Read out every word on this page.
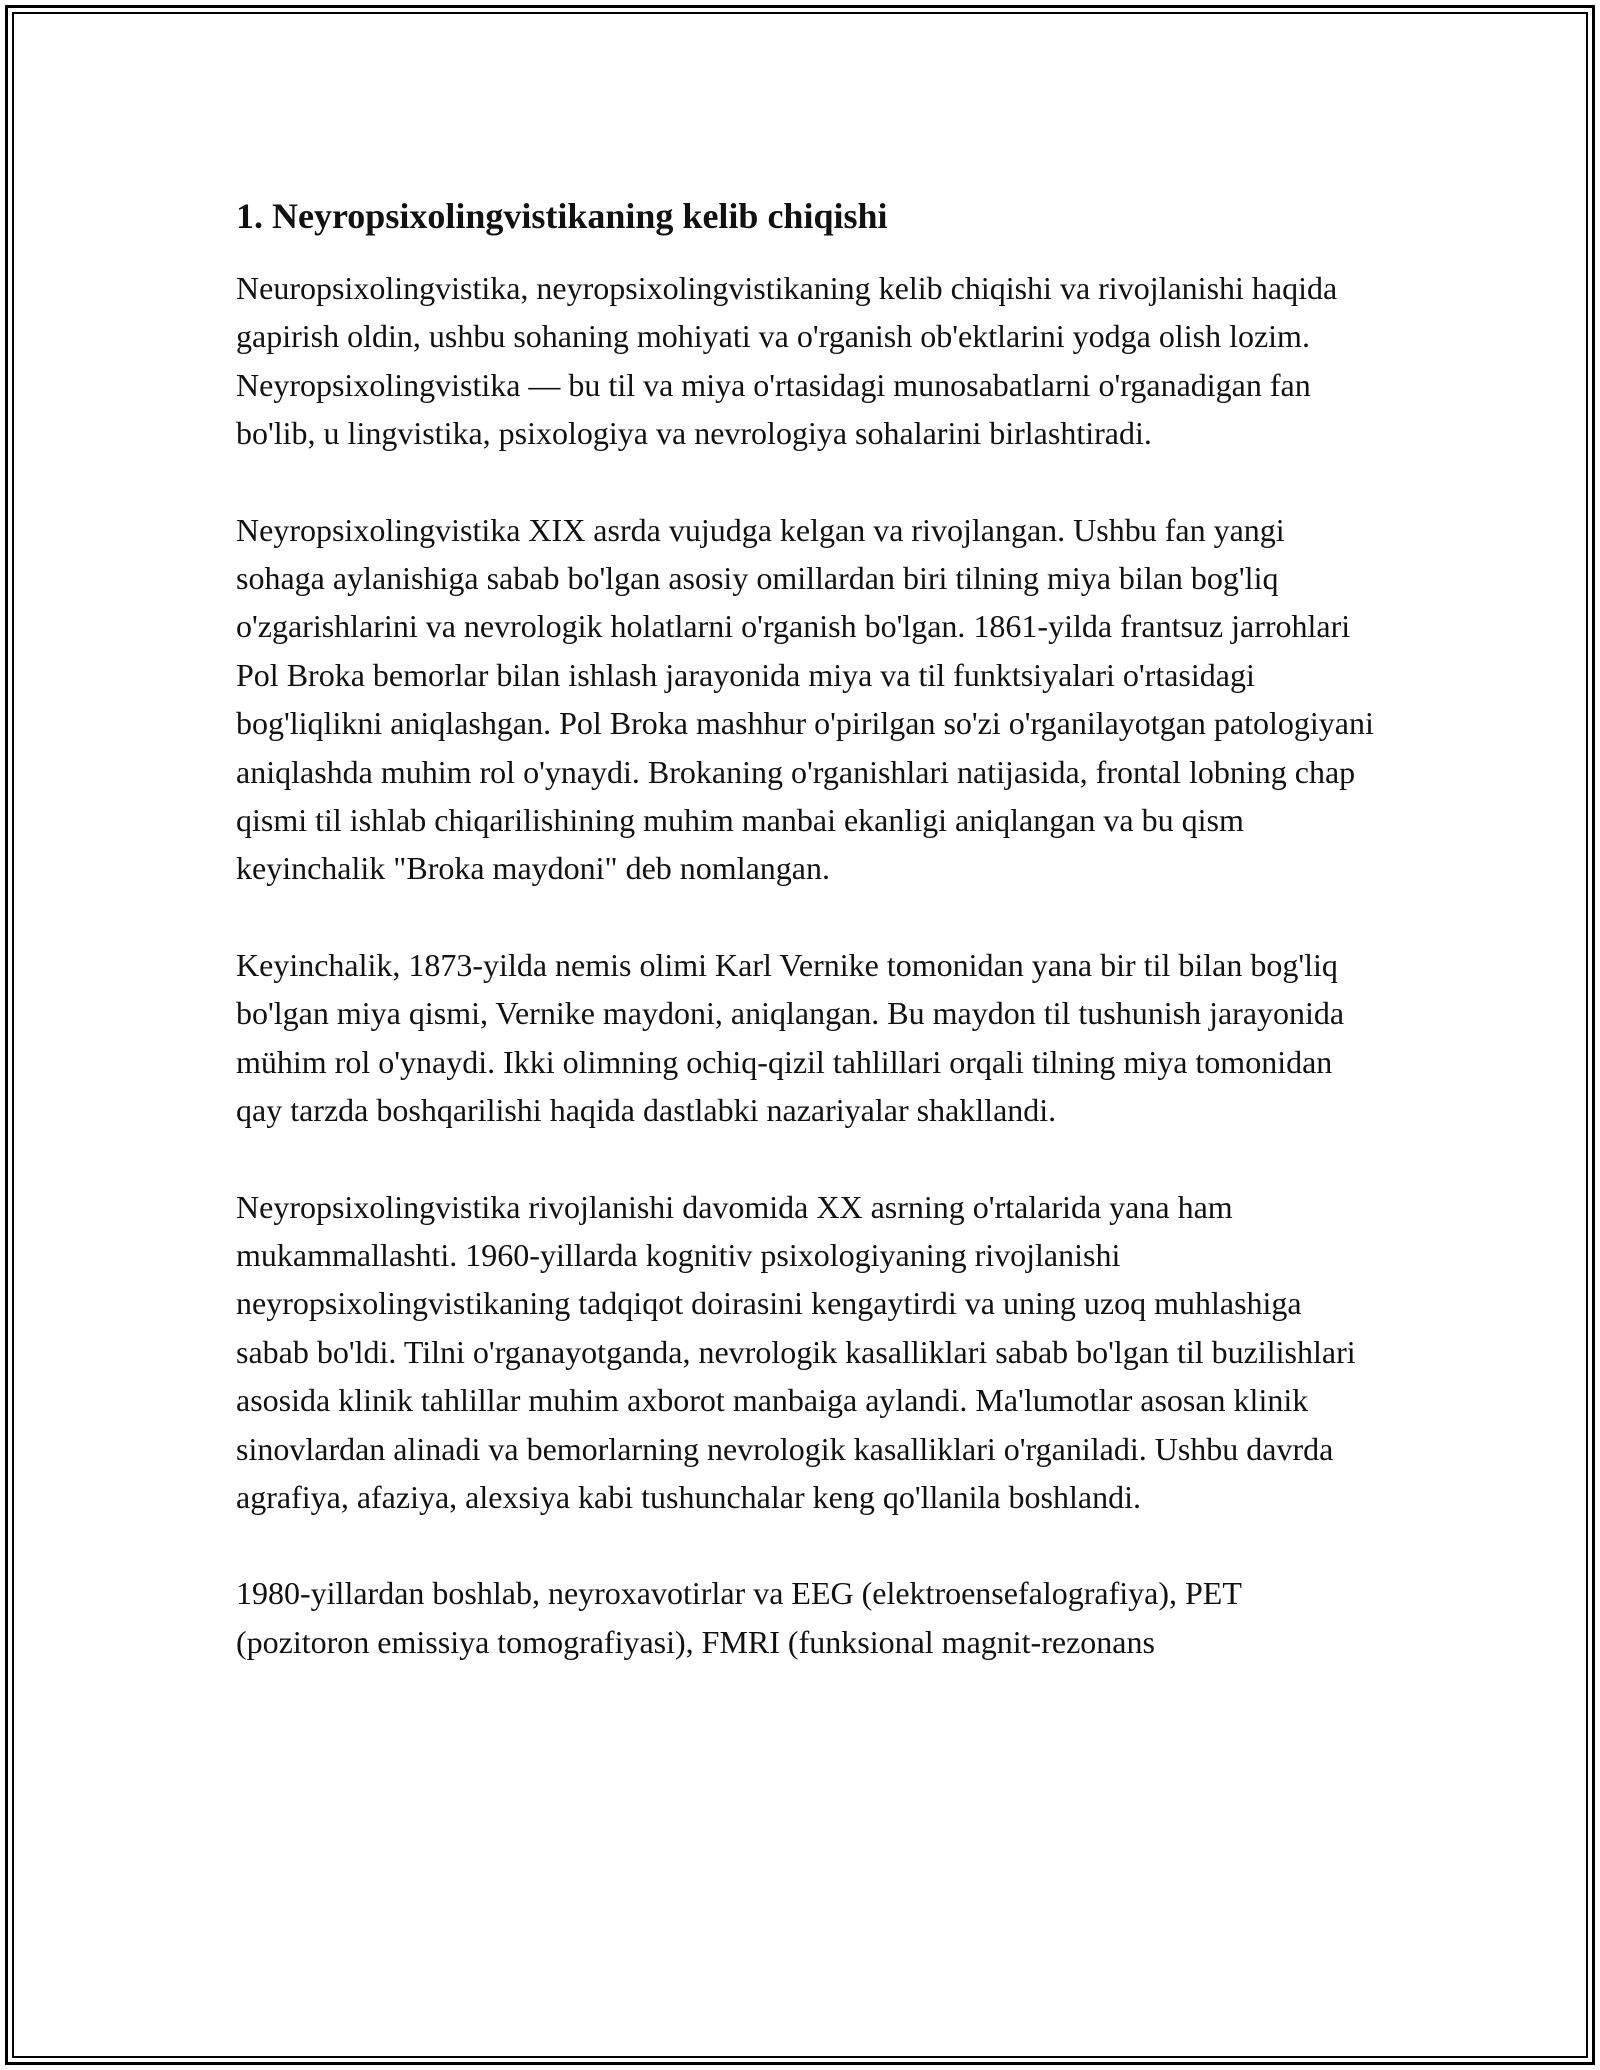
1. Neyropsixolingvistikaning kelib chiqishi

Neuropsixolingvistika, neyropsixolingvistikaning kelib chiqishi va rivojlanishi haqida gapirish oldin, ushbu sohaning mohiyati va o'rganish ob'ektlarini yodga olish lozim. Neyropsixolingvistika — bu til va miya o'rtasidagi munosabatlarni o'rganadigan fan bo'lib, u lingvistika, psixologiya va nevrologiya sohalarini birlashtiradi.

Neyropsixolingvistika XIX asrda vujudga kelgan va rivojlangan. Ushbu fan yangi sohaga aylanishiga sabab bo'lgan asosiy omillardan biri tilning miya bilan bog'liq o'zgarishlarini va nevrologik holatlarni o'rganish bo'lgan. 1861-yilda frantsuz jarrohlari Pol Broka bemorlar bilan ishlash jarayonida miya va til funktsiyalari o'rtasidagi bog'liqlikni aniqlashgan. Pol Broka mashhur o'pirilgan so'zi o'rganilayotgan patologiyani aniqlashda muhim rol o'ynaydi. Brokaning o'rganishlari natijasida, frontal lobning chap qismi til ishlab chiqarilishining muhim manbai ekanligi aniqlangan va bu qism keyinchalik "Broka maydoni" deb nomlangan.

Keyinchalik, 1873-yilda nemis olimi Karl Vernike tomonidan yana bir til bilan bog'liq bo'lgan miya qismi, Vernike maydoni, aniqlangan. Bu maydon til tushunish jarayonida mühim rol o'ynaydi. Ikki olimning ochiq-qizil tahlillari orqali tilning miya tomonidan qay tarzda boshqarilishi haqida dastlabki nazariyalar shakllandi.

Neyropsixolingvistika rivojlanishi davomida XX asrning o'rtalarida yana ham mukammallashti. 1960-yillarda kognitiv psixologiyaning rivojlanishi neyropsixolingvistikaning tadqiqot doirasini kengaytirdi va uning uzoq muhlashiga sabab bo'ldi. Tilni o'rganayotganda, nevrologik kasalliklari sabab bo'lgan til buzilishlari asosida klinik tahlillar muhim axborot manbaiga aylandi. Ma'lumotlar asosan klinik sinovlardan alinadi va bemorlarning nevrologik kasalliklari o'rganiladi. Ushbu davrda agrafiya, afaziya, alexsiya kabi tushunchalar keng qo'llanila boshlandi.

1980-yillardan boshlab, neyroxavotirlar va EEG (elektroensefalografiya), PET (pozitoron emissiya tomografiyasi), FMRI (funksional magnit-rezonans
